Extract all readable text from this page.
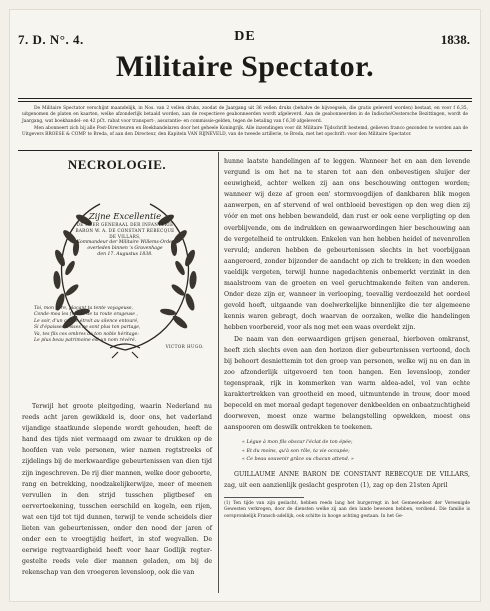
7. D. N°. 4.	DE	1838.
Militaire Spectator.

De Militaire Spectator verschijnt maandelijk, in Nos. van 2 vellen druks, zoodat de Jaargang uit 36 vellen druks (behalve de bijvoegsels, die gratis geleverd worden) bestaat, en voor f 6,35, uitgenomen de platen en kaarten, welke afzonderlijk betaald worden, aan de respectieve geabonneerden wordt afgeleverd. Aan de geabonneerden in de Indische/Oostersche Bezittingen, wordt de Jaargang, wat boekhandel- en 42 pCt. rabat voor transport-, assurantie- en commissie-gelden, tegen de betaling van f 6,30 afgeleverd.

Men abonneert zich bij alle Post-Directeuren en Boekhandelaren door het geheele Koningrijk. Alle inzendingen voor dit Militaire Tijdschrift bestemd, gelieven franco gezonden te worden aan de Uitgevers BROESE & COMP. te Breda, of aan den Directeur, den Kapitein VAN RIJNEVELD, van de tweede artillerie, te Breda, met het opschrift: voor den Militaire Spectator.

NECROLOGIE.
Zijne Excellentie
DE HEER GENERAAL DER INFANTERIE
BARON W. A. DE CONSTANT REBECQUE
DE VILLARS,
Kommandeur der Militaire Willems-Orde,
overleden binnen 's Gravenhage
den 17. Augustus 1838.
Toi, mon père, plaçant ta tente voyageuse,
Conde-moa les franile de ta route orageuse ,
Le soir, d'un cercle étroit au silence entouré,
Si d'épaisses trisses ne sont plus ton partage,
Va, tes fils ces ombres de ton noble héritage:
Le plus beau patrimoine est un nom révéré.
VICTOR HUGO.

Terwijl het groote pleitgeding, waarin Nederland nu reeds acht jaren gewikkeld is, door ons, het vaderland vijandige staatkunde slepende wordt gehouden, heeft de hand des tijds niet vermaagd om zwaar te drukken op de hoofden van vele personen, wier namen regtstreeks of zijdelings bij de merkwaardige gebeurtenissen van dien tijd zijn ingeschreven. De rij dier mannen, welke door geboorte, rang en betrekking, noodzakelijkerwijze, meer of meenen vervullen in den strijd tusschen pligtbesef en eervertoekening, tusschen eerschild en kogeln, een rijen, wat een tijd tot tijd dunnen, terwijl te vende scheidels dier lieten van gebeurtenissen, onder den nood der jaren of onder een te vroegtijdig heifert, in stof wegvallen. De eerwige regtvaardigheid heeft voor haar Godlijk regter-gestelte reeds vele dier mannen geladen, om bij de rekenschap van den vroegeren levensloop, ook die van

hunne laatste handelingen af te leggen. Wanneer het en aan den levende vergund is om het na te staren tot aan den onbevestigen sluijer der eeuwigheid, achter welken zij aan ons beschouwing onttogen worden; wanneer wij deze af groen een' stormvoogdijen of dankbaren blik mogen aanwerpen, en af stervend of wel ontbloeid bevestigen op den weg dien zij vóór en met ons hebben bewandeld, dan rust er ook eene verpligting op den overblijvende, om de indrukken en gewaarwordingen hier beschouwing aan de vergetelheid te ontrukken. Enkelen van hen hebben heidel of nevenrollen vervuld; anderen hebben de gebeurtenissen slechts in het voorbijgaan aangeroerd, zonder bijzonder de aandacht op zich te trekken; in den woeden vaeldijk vergeten, terwijl hunne nagedachtenis onbemerkt verzinkt in den maalstroom van de groeten en veel geruchtmakende feiten van anderen. Onder deze zijn er, wanneer in verlooping, toevallig verdoezeld het oordeel gevold hoeft, uitgaande van doelwerkelijke binnenlijke die ter algemeene kennis waren gebragt, doch waarvan de oorzaken, welke die handelingen hebben voorbereid, voor als nog met een waas overdekt zijn.

De naam van den eerwaardigen grijsen generaal, hierboven omkranst, heeft zich slechts even aan den horizon dier gebeurtenissen vertoond, doch bij behoort desniettemin tot den groep van personen, welke wij nu en dan in zoo afzonderlijk uitgevoerd ten toon hangen. Een levensloop, zonder tegenspraak, rijk in kommerken van warm aldea-adel, vol van echte karaktertrekken van grootheid en moed, uitmuntende in trouw, door moed bepeceld en met moraal gedapt tegenover denkbeelden en onbaatzuchtigheid doorweven, moest onze warme belangstelling opwekken, moest ons aanspooren om deswilk ontrekken te toekenen.

« Légue à mon fils obscur l'éclat de ton épée;
« Et du moins, qu'à son rôle, ta vie occupée;
« Ce beau souvenir grâce ou chacun attend. »

GUILLAUME ANNE BARON DE CONSTANT REBECQUE DE VILLARS, zag, uit een aanzienlijk geslacht gesproten (1), zag op den 21sten April

(1) Ten tijde van zijn geslacht, hebben reeds lang het burgerregt in het Gemeenebest der Vereenigde Gewesten verkregen, door de diensten welke zij aan den lande bewezen hebben, verdiend. Die familie is oorspronkelijk Fransch-adellijk, ook schitte in hooge achting gestaan. In het Ge-
